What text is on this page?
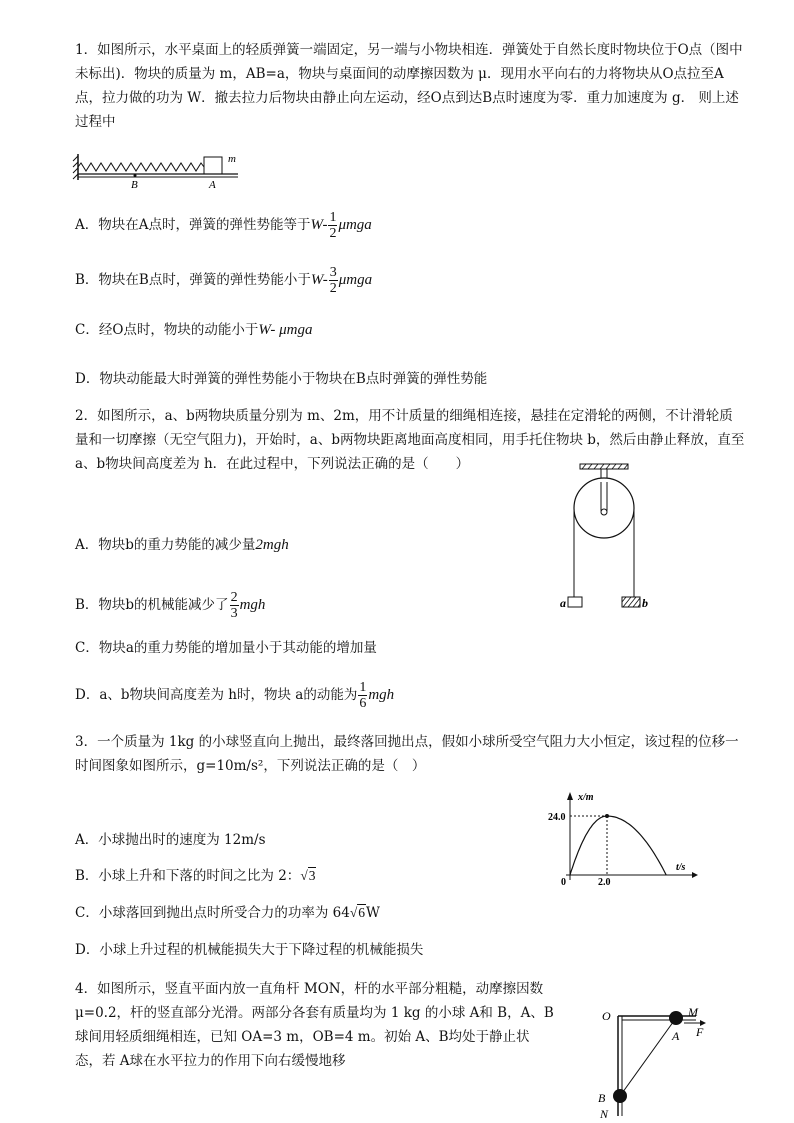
1．如图所示，水平桌面上的轻质弹簧一端固定，另一端与小物块相连．弹簧处于自然长度时物块位于O点（图中未标出)．物块的质量为 m，AB=a，物块与桌面间的动摩擦因数为 μ．现用水平向右的力将物块从O点拉至A点，拉力做的功为 W．撤去拉力后物块由静止向左运动，经O点到达B点时速度为零．重力加速度为 g． 则上述过程中

m
B	A
A．物块在A点时，弹簧的弹性势能等于$W- \frac{1}{2}$ μmga
B．物块在B点时，弹簧的弹性势能小于$W- \frac{3}{2}$ μmga
C．经O点时，物块的动能小于W- μmga
D．物块动能最大时弹簧的弹性势能小于物块在B点时弹簧的弹性势能

2．如图所示，a、b两物块质量分别为 m、2m，用不计质量的细绳相连接，悬挂在定滑轮的两侧，不计滑轮质量和一切摩擦（无空气阻力)，开始时，a、b两物块距离地面高度相同，用手托住物块 b，然后由静止释放，直至 a、b物块间高度差为 h．在此过程中，下列说法正确的是（　　）

a	b
A．物块b的重力势能的减少量2mgh
B．物块b的机械能减少了 $\frac{2}{3}$ mgh
C．物块a的重力势能的增加量小于其动能的增加量
D．a、b物块间高度差为 h时，物块 a的动能为 $\frac{1}{6}$ mgh

3．一个质量为 1kg 的小球竖直向上抛出，最终落回抛出点，假如小球所受空气阻力大小恒定，该过程的位移一时间图象如图所示，g=10m/s²，下列说法正确的是（　）

x/m
t/s
0	2.0
24.0
A．小球抛出时的速度为 12m/s
B．小球上升和下落的时间之比为 2：√3
C．小球落回到抛出点时所受合力的功率为 64√6W
D．小球上升过程的机械能损失大于下降过程的机械能损失

4．如图所示，竖直平面内放一直角杆 MON，杆的水平部分粗糙，动摩擦因数 μ=0.2，杆的竖直部分光滑。两部分各套有质量均为 1 kg 的小球 A和 B，A、B球间用轻质细绳相连，已知 OA=3 m，OB=4 m。初始 A、B均处于静止状态，若 A球在水平拉力的作用下向右缓慢地移

O	M
A F
B
N
